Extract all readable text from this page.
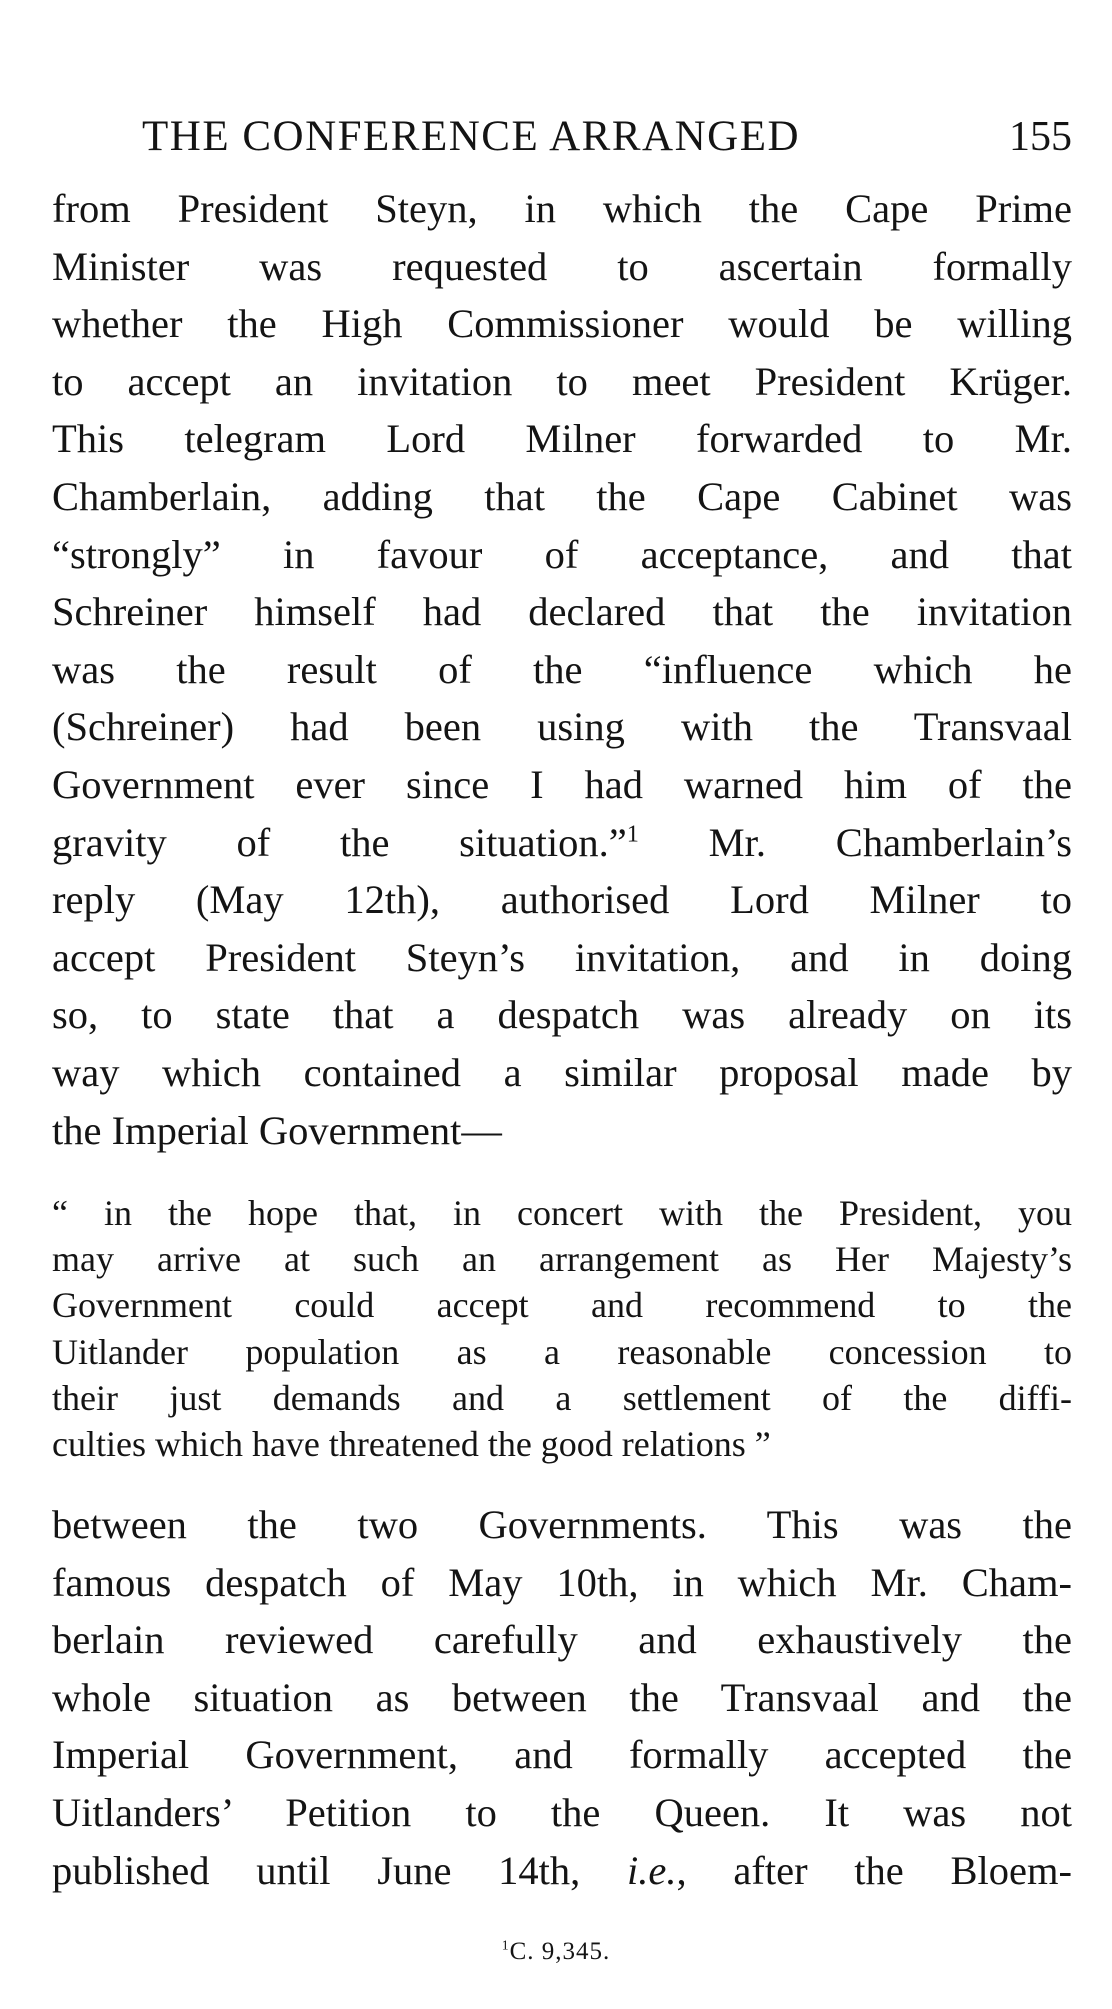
THE CONFERENCE ARRANGED	155
from President Steyn, in which the Cape Prime
Minister was requested to ascertain formally
whether the High Commissioner would be willing
to accept an invitation to meet President Krüger.
This telegram Lord Milner forwarded to Mr.
Chamberlain, adding that the Cape Cabinet was
“strongly” in favour of acceptance, and that
Schreiner himself had declared that the invitation
was the result of the “influence which he
(Schreiner) had been using with the Transvaal
Government ever since I had warned him of the
gravity of the situation.”$^1$ Mr. Chamberlain’s
reply (May 12th), authorised Lord Milner to
accept President Steyn’s invitation, and in doing
so, to state that a despatch was already on its
way which contained a similar proposal made by
the Imperial Government—
“ in the hope that, in concert with the President, you
may arrive at such an arrangement as Her Majesty’s
Government could accept and recommend to the
Uitlander population as a reasonable concession to
their just demands and a settlement of the diffi-
culties which have threatened the good relations ”
between the two Governments. This was the
famous despatch of May 10th, in which Mr. Cham-
berlain reviewed carefully and exhaustively the
whole situation as between the Transvaal and the
Imperial Government, and formally accepted the
Uitlanders’ Petition to the Queen. It was not
published until June 14th, i.e., after the Bloem-
$^1$C. 9,345.
